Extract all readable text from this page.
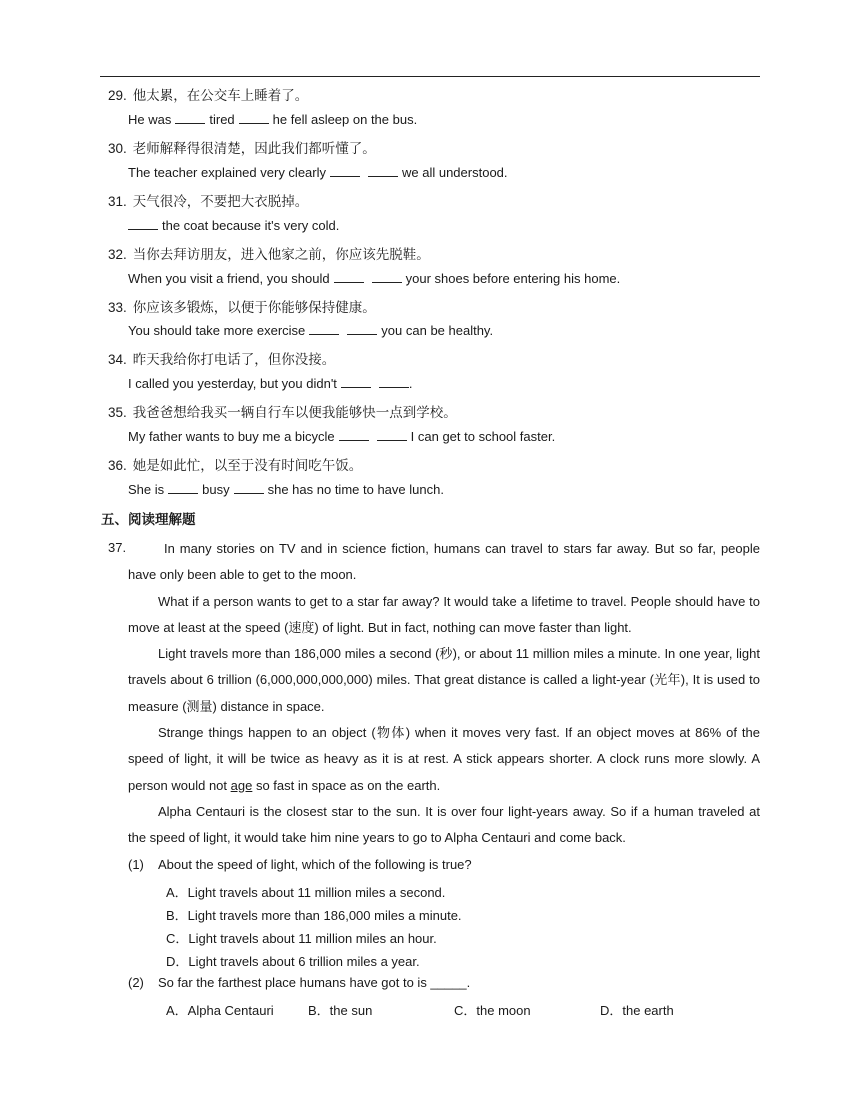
29. 他太累，在公交车上睡着了。
He was	tired	he fell asleep on the bus.
30. 老师解释得很清楚，因此我们都听懂了。
The teacher explained very clearly	we all understood.
31. 天气很冷，不要把大衣脱掉。
the coat because it's very cold.
32. 当你去拜访朋友，进入他家之前，你应该先脱鞋。
When you visit a friend, you should	your shoes before entering his home.
33. 你应该多锻炼，以便于你能够保持健康。
You should take more exercise	you can be healthy.
34. 昨天我给你打电话了，但你没接。
I called you yesterday, but you didn't	.
35. 我爸爸想给我买一辆自行车以便我能够快一点到学校。
My father wants to buy me a bicycle	I can get to school faster.
36. 她是如此忙，以至于没有时间吃午饭。
She is	busy	she has no time to have lunch.
五、阅读理解题
37.	In many stories on TV and in science fiction, humans can travel to stars far away. But so far, people have only been able to get to the moon.

What if a person wants to get to a star far away? It would take a lifetime to travel. People should have to move at least at the speed (速度) of light. But in fact, nothing can move faster than light.

Light travels more than 186,000 miles a second (秒), or about 11 million miles a minute. In one year, light travels about 6 trillion (6,000,000,000,000) miles. That great distance is called a light-year (光年), It is used to measure (测量) distance in space.

Strange things happen to an object (物体) when it moves very fast. If an object moves at 86% of the speed of light, it will be twice as heavy as it is at rest. A stick appears shorter. A clock runs more slowly. A person would not age so fast in space as on the earth.

Alpha Centauri is the closest star to the sun. It is over four light-years away. So if a human traveled at the speed of light, it would take him nine years to go to Alpha Centauri and come back.

(1) About the speed of light, which of the following is true?
A．Light travels about 11 million miles a second.
B．Light travels more than 186,000 miles a minute.
C．Light travels about 11 million miles an hour.
D．Light travels about 6 trillion miles a year.
(2) So far the farthest place humans have got to is _____.
A．Alpha Centauri	B．the sun	C．the moon	D．the earth
